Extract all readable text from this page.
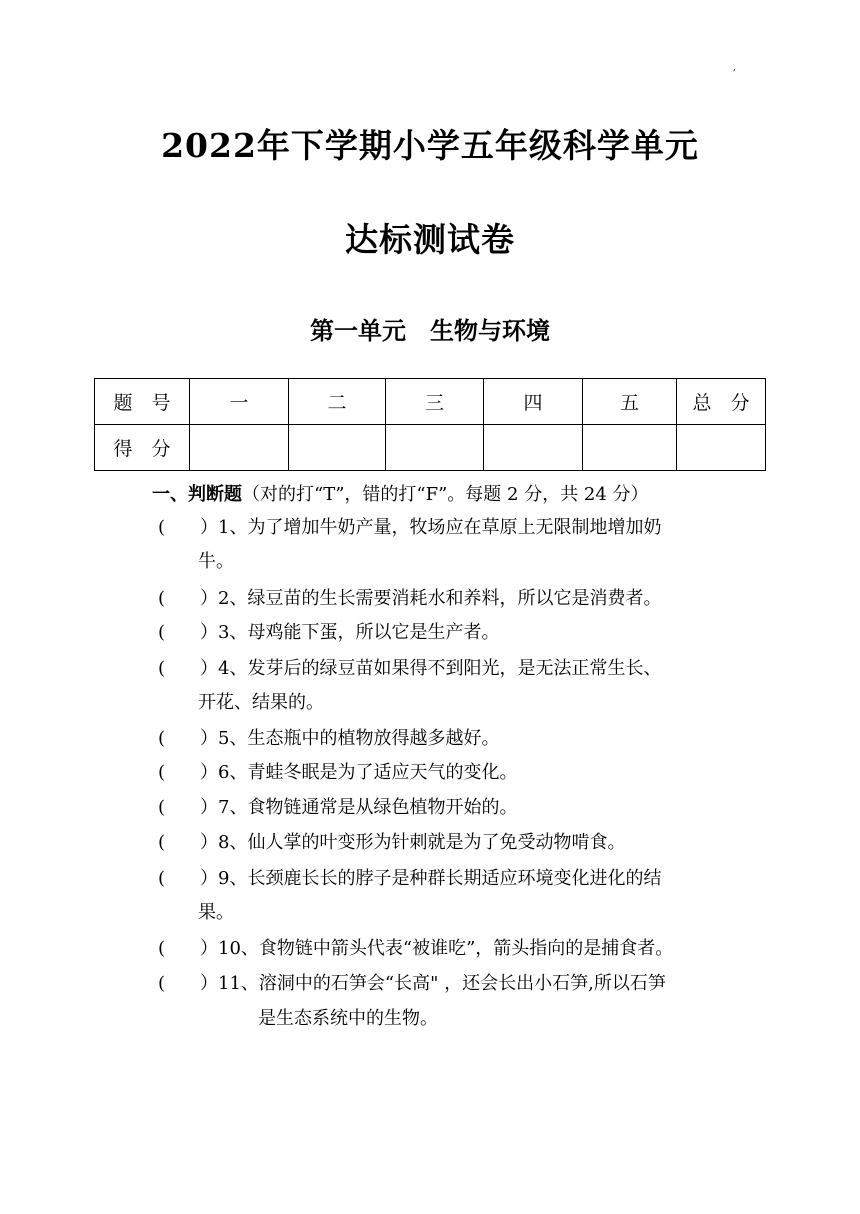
,
2022年下学期小学五年级科学单元
达标测试卷
第一单元　生物与环境
题　号	一	二	三	四	五	总　分
得　分						
一、判断题（对的打“T”，错的打“F”。每题 2 分，共 24 分）
( ）1、为了增加牛奶产量，牧场应在草原上无限制地增加奶
牛。
( ）2、绿豆苗的生长需要消耗水和养料，所以它是消费者。
( ）3、母鸡能下蛋，所以它是生产者。
( ）4、发芽后的绿豆苗如果得不到阳光，是无法正常生长、
开花、结果的。
( ）5、生态瓶中的植物放得越多越好。
( ）6、青蛙冬眠是为了适应天气的变化。
( ）7、食物链通常是从绿色植物开始的。
( ）8、仙人掌的叶变形为针刺就是为了免受动物啃食。
( ）9、长颈鹿长长的脖子是种群长期适应环境变化进化的结
果。
( ）10、食物链中箭头代表“被谁吃”，箭头指向的是捕食者。
( ）11、溶洞中的石笋会“长高" ，还会长出小石笋,所以石笋
是生态系统中的生物。
